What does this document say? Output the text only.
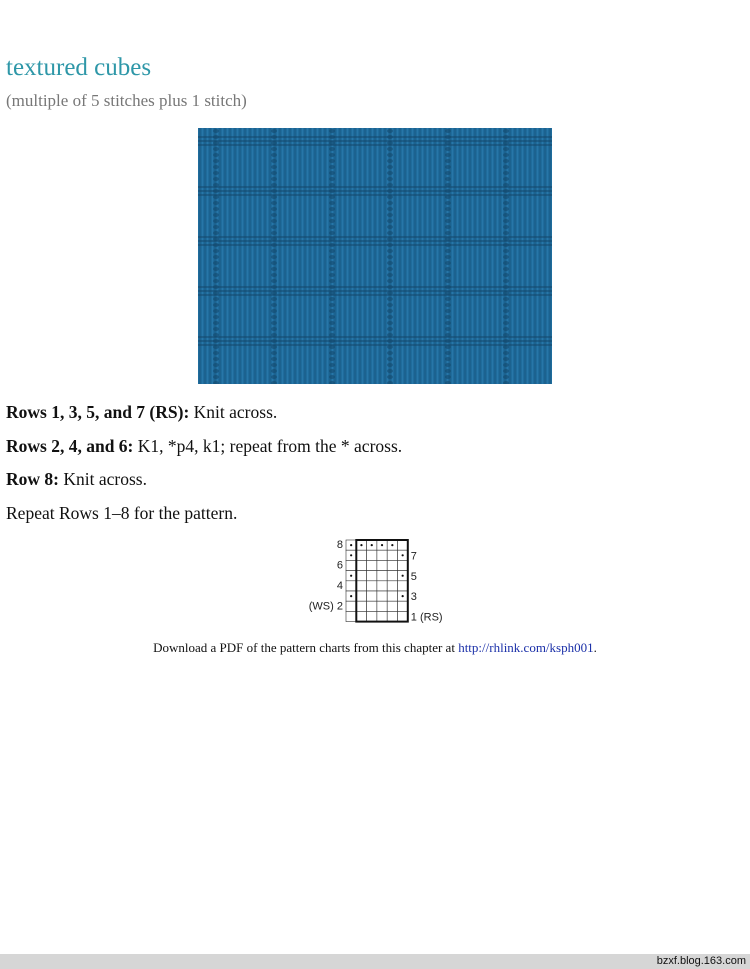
textured cubes

(multiple of 5 stitches plus 1 stitch)

Rows 1, 3, 5, and 7 (RS): Knit across.

Rows 2, 4, and 6: K1, *p4, k1; repeat from the * across.

Row 8: Knit across.

Repeat Rows 1–8 for the pattern.

8
6
4
(WS) 2
7
5
3
1 (RS)

Download a PDF of the pattern charts from this chapter at http://rhlink.com/ksph001.

bzxf.blog.163.com
